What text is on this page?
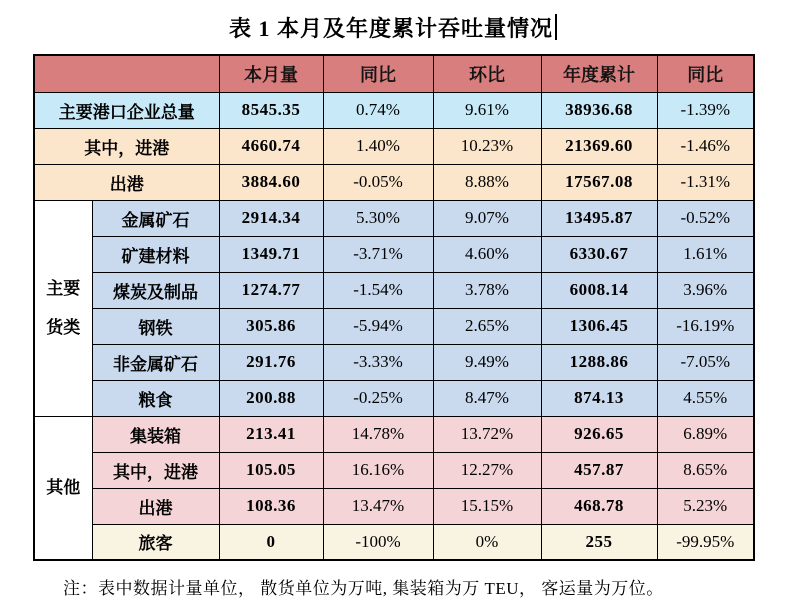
表 1 本月及年度累计吞吐量情况
		本月量	同比	环比	年度累计	同比
主要港口企业总量		8545.35	0.74%	9.61%	38936.68	-1.39%
其中，进港		4660.74	1.40%	10.23%	21369.60	-1.46%
出港		3884.60	-0.05%	8.88%	17567.08	-1.31%

主要
货类	金属矿石	2914.34	5.30%	9.07%	13495.87	-0.52%
	矿建材料	1349.71	-3.71%	4.60%	6330.67	1.61%
	煤炭及制品	1274.77	-1.54%	3.78%	6008.14	3.96%
	钢铁	305.86	-5.94%	2.65%	1306.45	-16.19%
	非金属矿石	291.76	-3.33%	9.49%	1288.86	-7.05%
	粮食	200.88	-0.25%	8.47%	874.13	4.55%

其他	集装箱	213.41	14.78%	13.72%	926.65	6.89%
	其中，进港	105.05	16.16%	12.27%	457.87	8.65%
	出港	108.36	13.47%	15.15%	468.78	5.23%
	旅客	0	-100%	0%	255	-99.95%
注：表中数据计量单位， 散货单位为万吨, 集装箱为万 TEU， 客运量为万位。
